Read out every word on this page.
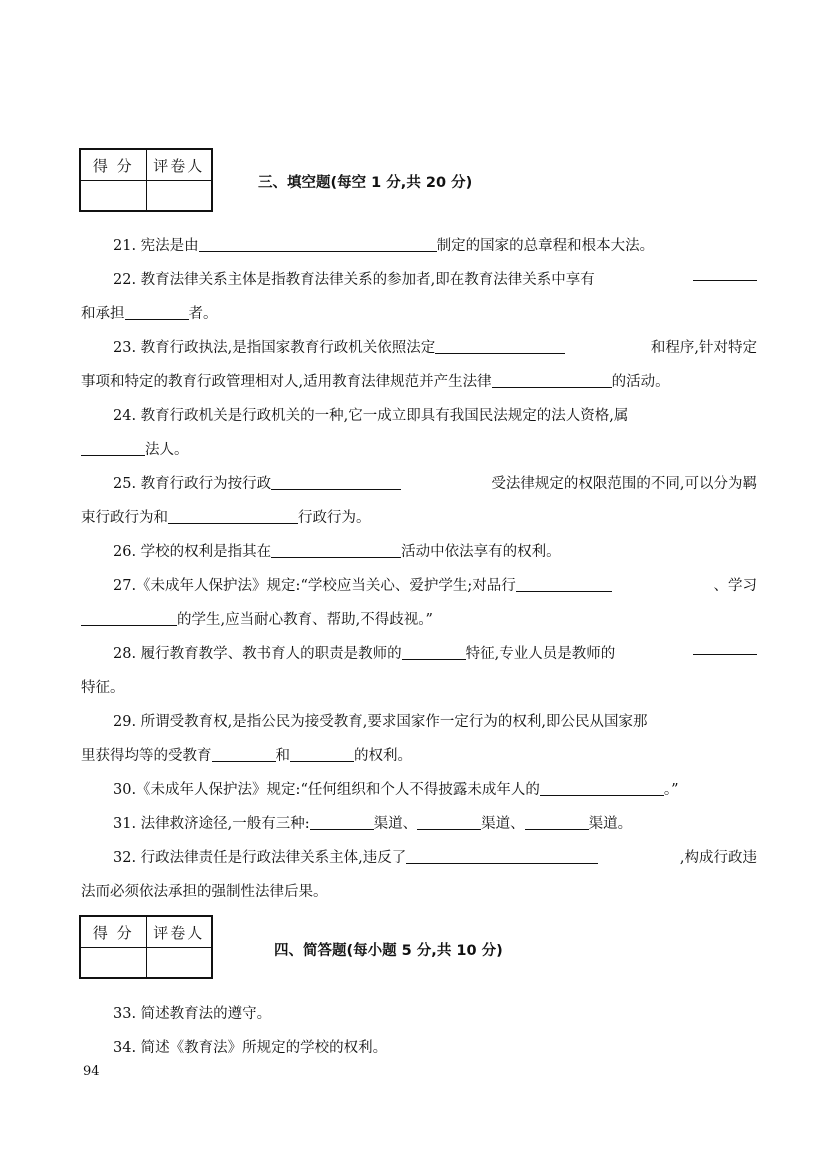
得 分	评卷人
三、填空题(每空 1 分,共 20 分)
21. 宪法是由	制定的国家的总章程和根本大法。
22. 教育法律关系主体是指教育法律关系的参加者,即在教育法律关系中享有
和承担	者。
23. 教育行政执法,是指国家教育行政机关依照法定	和程序,针对特定
事项和特定的教育行政管理相对人,适用教育法律规范并产生法律	的活动。
24. 教育行政机关是行政机关的一种,它一成立即具有我国民法规定的法人资格,属
法人。
25. 教育行政行为按行政	受法律规定的权限范围的不同,可以分为羁
束行政行为和	行政行为。
26. 学校的权利是指其在	活动中依法享有的权利。
27.《未成年人保护法》规定:“学校应当关心、爱护学生;对品行	、学习
的学生,应当耐心教育、帮助,不得歧视。”
28. 履行教育教学、教书育人的职责是教师的	特征,专业人员是教师的
特征。
29. 所谓受教育权,是指公民为接受教育,要求国家作一定行为的权利,即公民从国家那
里获得均等的受教育	和	的权利。
30.《未成年人保护法》规定:“任何组织和个人不得披露未成年人的	。”
31. 法律救济途径,一般有三种:	渠道、	渠道、	渠道。
32. 行政法律责任是行政法律关系主体,违反了	,构成行政违
法而必须依法承担的强制性法律后果。
得 分	评卷人
四、简答题(每小题 5 分,共 10 分)
33. 简述教育法的遵守。
34. 简述《教育法》所规定的学校的权利。
94
